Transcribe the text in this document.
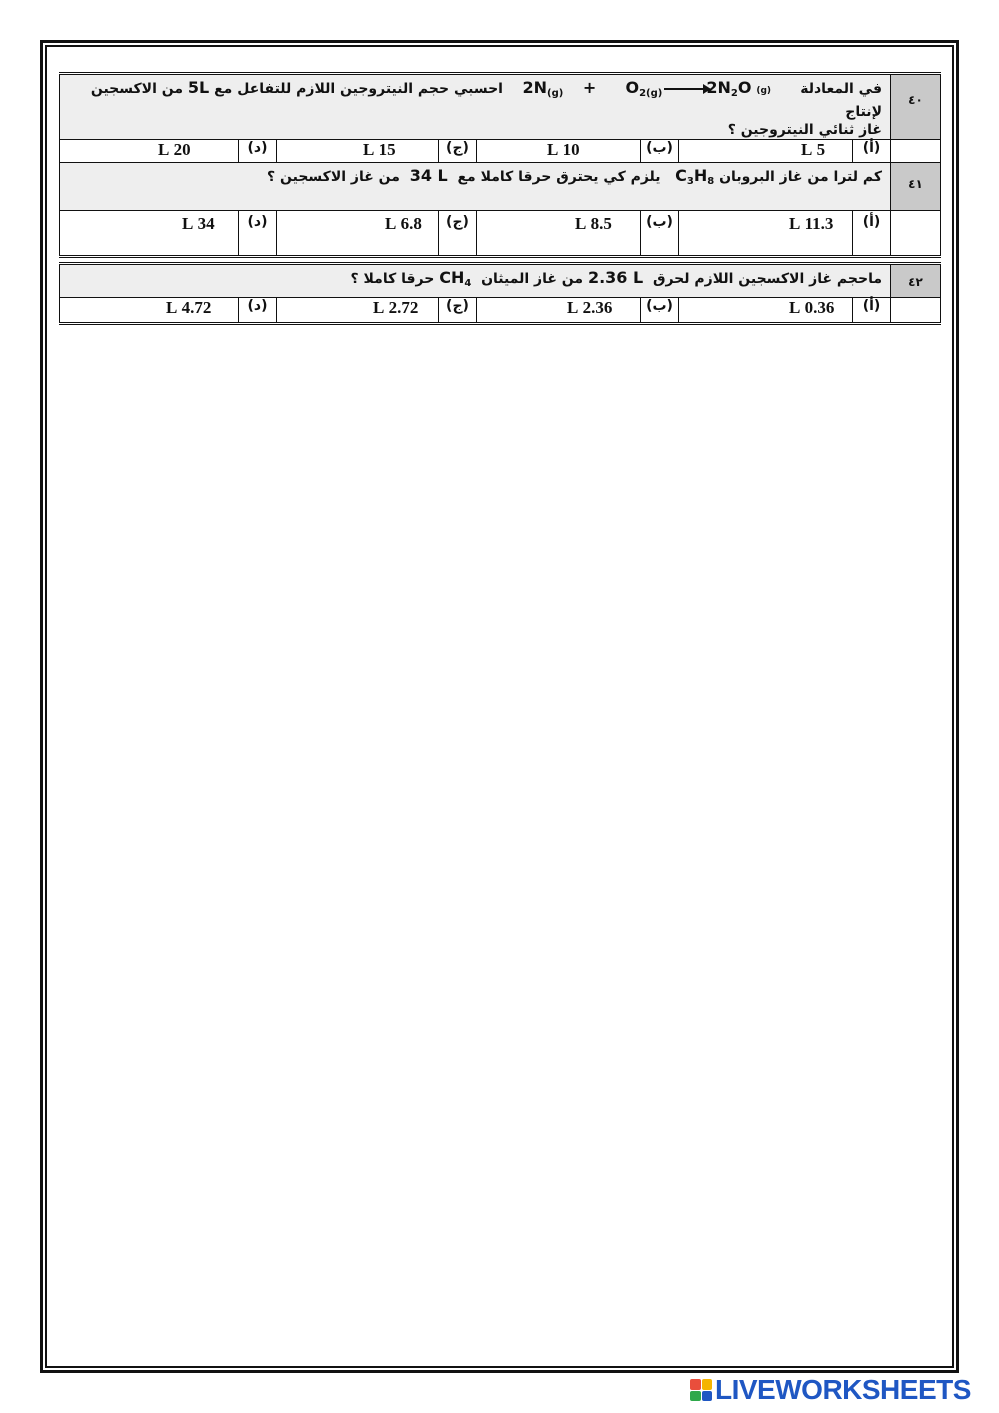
٤٠	في المعادلة      $2N_{(g)} + O_{2(g)}$ $2N_2O$ (g)    احسبي حجم النيتروجين اللازم للتفاعل مع 5L من الاكسجين لإنتاج
غاز ثنائي النيتروجين ؟							
	(أ)	5 L	(ب)	10 L	(ج)	15 L	(د)	20 L
٤١	كم لترا من غاز البروبان $C_3H_8$   يلزم كي يحترق حرقا كاملا مع  34 L  من غاز الاكسجين ؟							
	(أ)	11.3 L	(ب)	8.5 L	(ج)	6.8 L	(د)	34 L
٤٢	ماحجم غاز الاكسجين اللازم لحرق  2.36 L من غاز الميثان  $CH_4$ حرقا كاملا ؟							
	(أ)	0.36 L	(ب)	2.36 L	(ج)	2.72 L	(د)	4.72 L
LIVEWORKSHEETS
